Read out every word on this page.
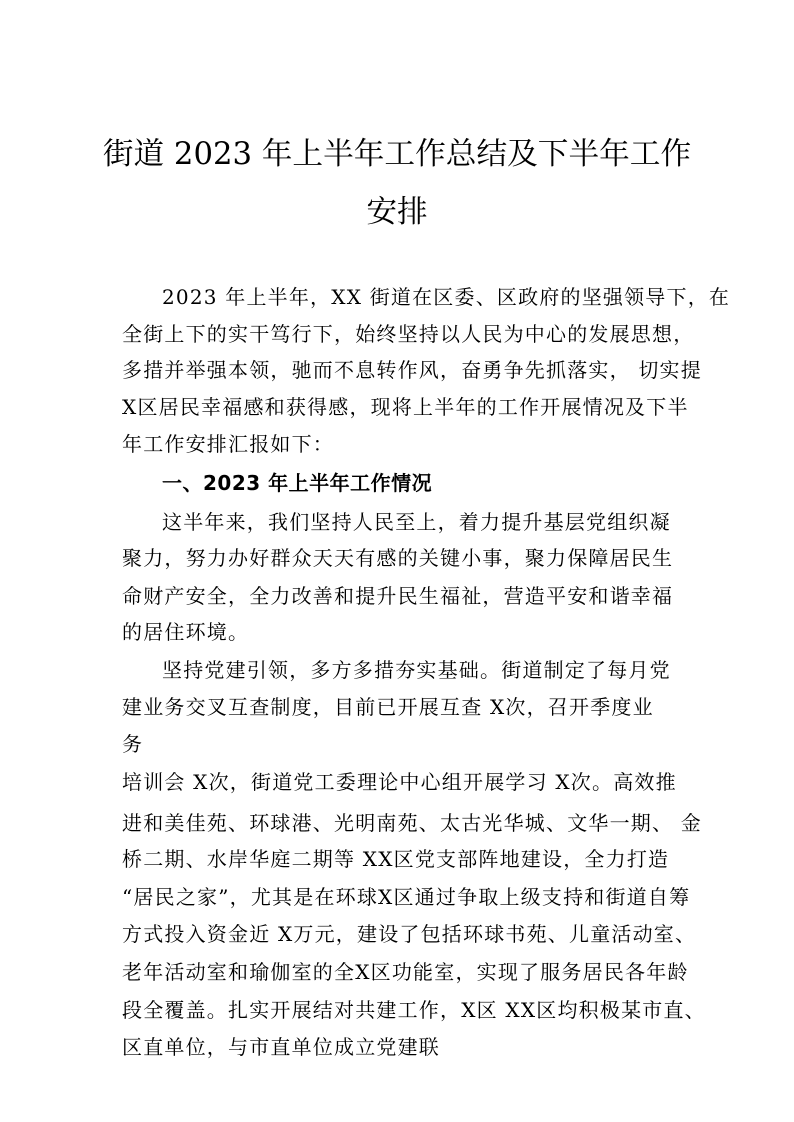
街道 2023 年上半年工作总结及下半年工作
安排
2023 年上半年，XX 街道在区委、区政府的坚强领导下，在
全街上下的实干笃行下，始终坚持以人民为中心的发展思想，
多措并举强本领，驰而不息转作风，奋勇争先抓落实， 切实提
X区居民幸福感和获得感，现将上半年的工作开展情况及下半
年工作安排汇报如下：
一、2023 年上半年工作情况
这半年来，我们坚持人民至上，着力提升基层党组织凝
聚力，努力办好群众天天有感的关键小事，聚力保障居民生
命财产安全，全力改善和提升民生福祉，营造平安和谐幸福
的居住环境。
坚持党建引领，多方多措夯实基础。街道制定了每月党
建业务交叉互查制度，目前已开展互查 X次，召开季度业
务
培训会 X次，街道党工委理论中心组开展学习 X次。高效推
进和美佳苑、环球港、光明南苑、太古光华城、文华一期、 金
桥二期、水岸华庭二期等 XX区党支部阵地建设，全力打造
“居民之家”，尤其是在环球X区通过争取上级支持和街道自筹
方式投入资金近 X万元，建设了包括环球书苑、儿童活动室、
老年活动室和瑜伽室的全X区功能室，实现了服务居民各年龄
段全覆盖。扎实开展结对共建工作，X区 XX区均积极某市直、
区直单位，与市直单位成立党建联
